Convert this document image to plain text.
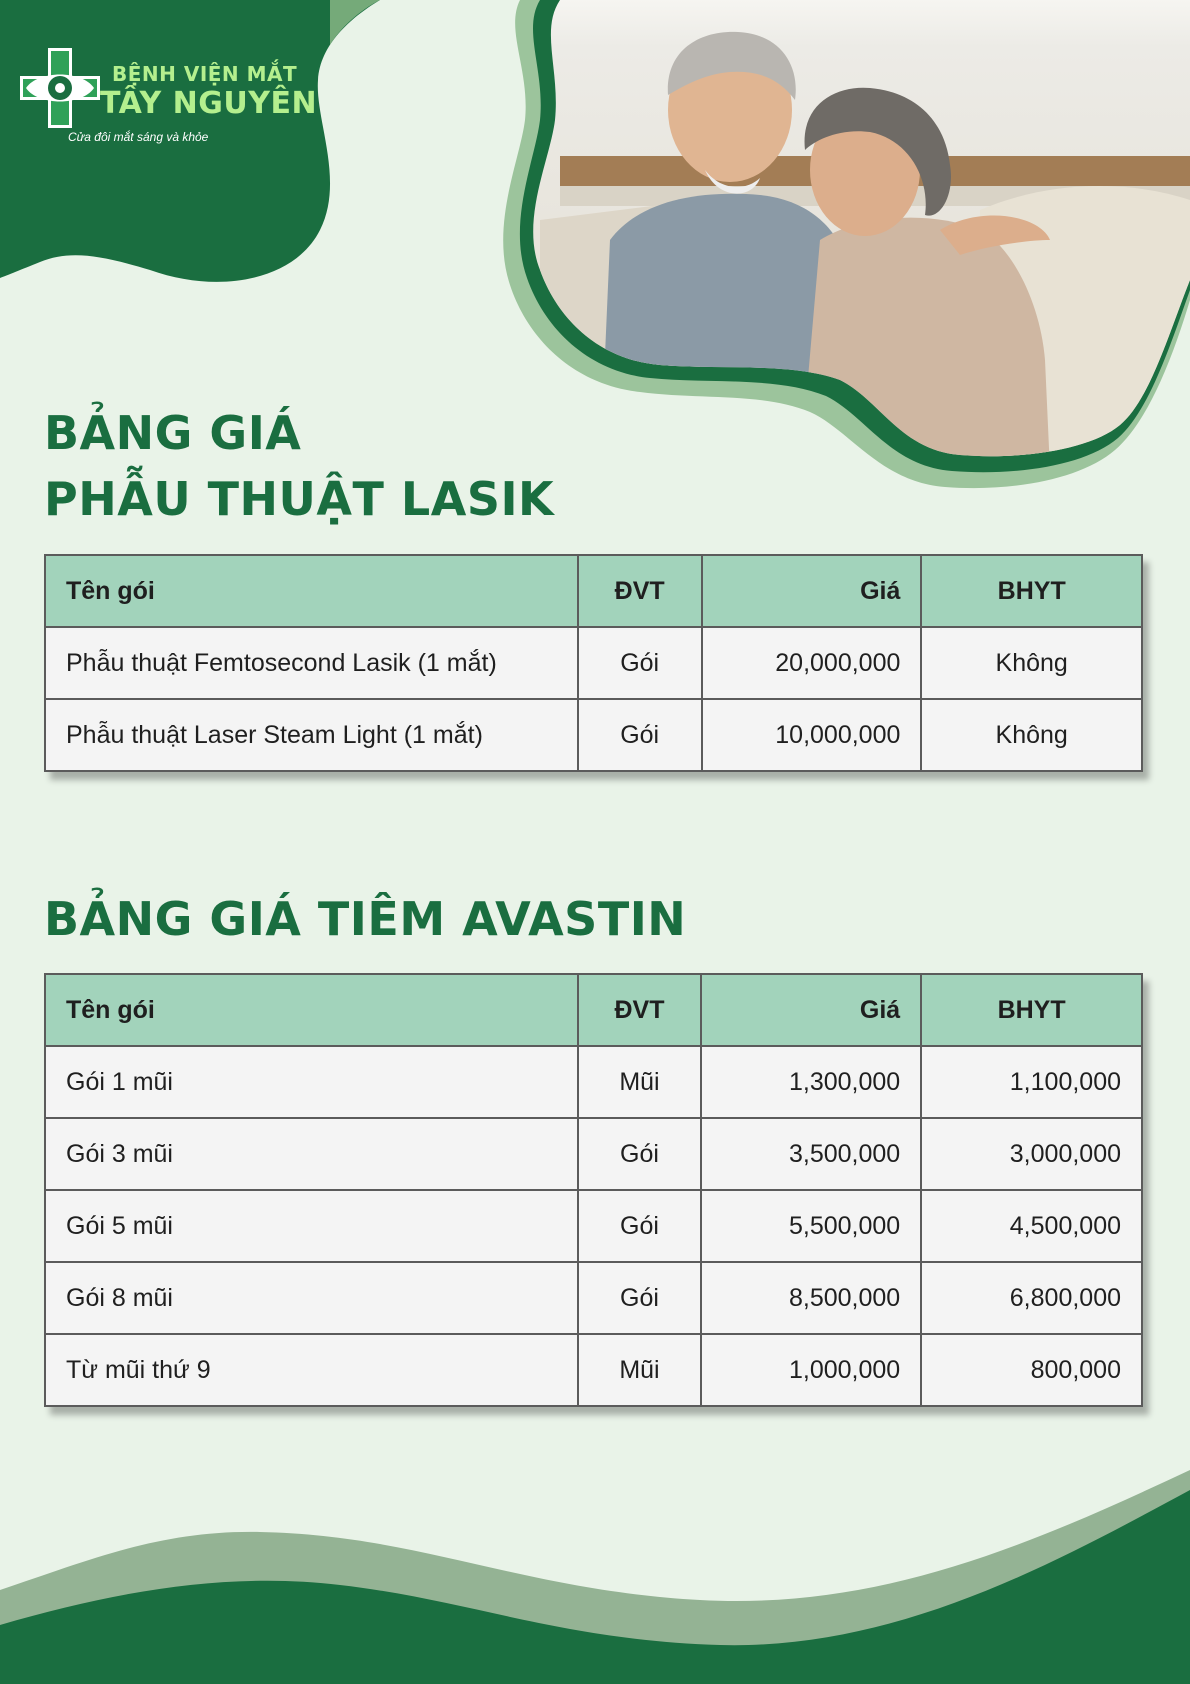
BỆNH VIỆN MẮT
TÂY NGUYÊN
Cửa đôi mắt sáng và khỏe
BẢNG GIÁ
PHẪU THUẬT LASIK
Tên gói	ĐVT	Giá	BHYT
Phẫu thuật Femtosecond Lasik (1 mắt)	Gói	20,000,000	Không
Phẫu thuật Laser Steam Light (1 mắt)	Gói	10,000,000	Không
BẢNG GIÁ TIÊM AVASTIN
Tên gói	ĐVT	Giá	BHYT
Gói 1 mũi	Mũi	1,300,000	1,100,000
Gói 3 mũi	Gói	3,500,000	3,000,000
Gói 5 mũi	Gói	5,500,000	4,500,000
Gói 8 mũi	Gói	8,500,000	6,800,000
Từ mũi thứ 9	Mũi	1,000,000	800,000
